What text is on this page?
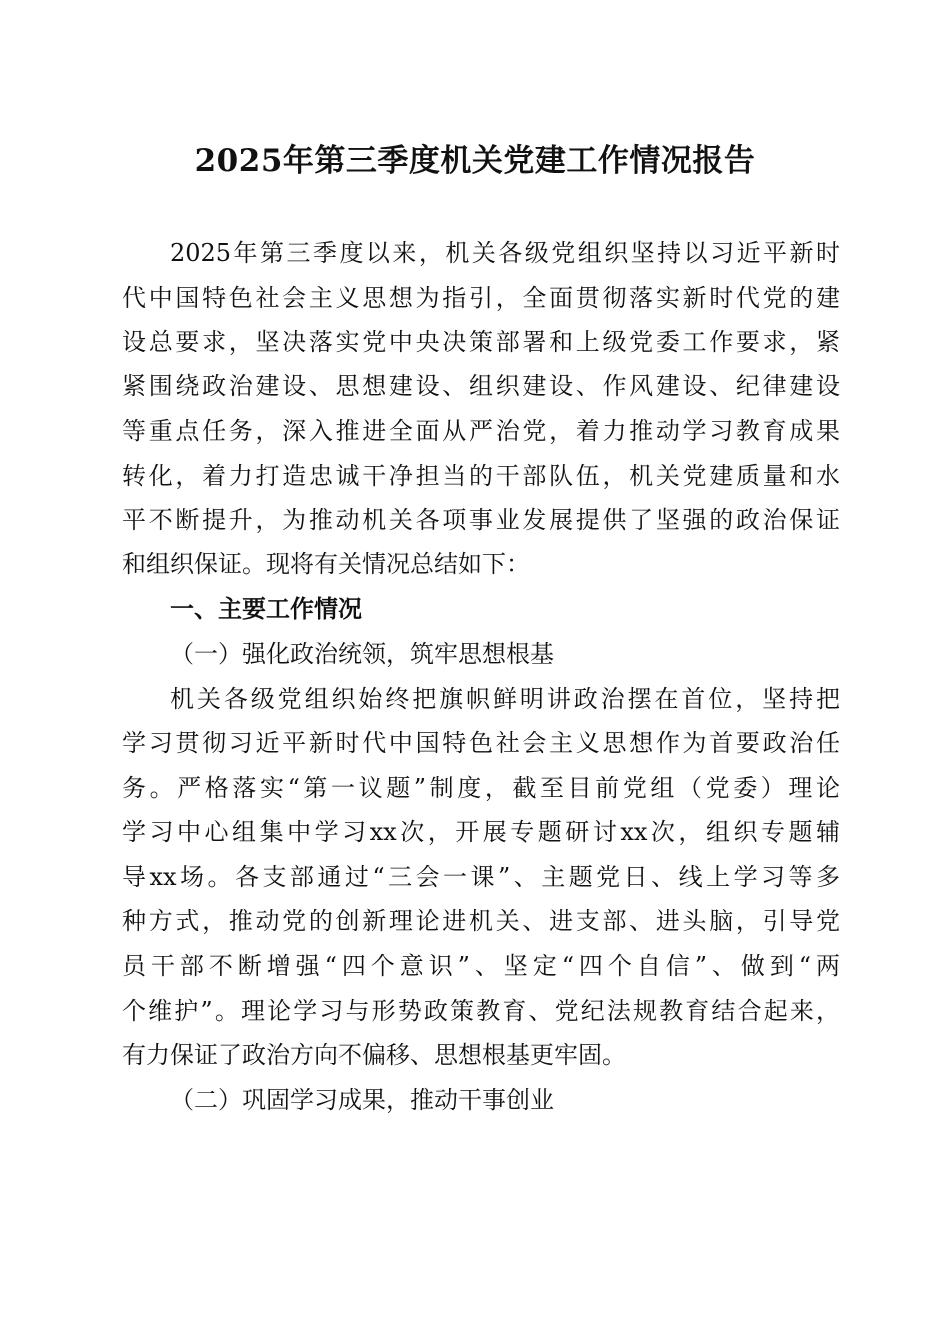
2025年第三季度机关党建工作情况报告
2025年第三季度以来，机关各级党组织坚持以习近平新时
代中国特色社会主义思想为指引，全面贯彻落实新时代党的建
设总要求，坚决落实党中央决策部署和上级党委工作要求，紧
紧围绕政治建设、思想建设、组织建设、作风建设、纪律建设
等重点任务，深入推进全面从严治党，着力推动学习教育成果
转化，着力打造忠诚干净担当的干部队伍，机关党建质量和水
平不断提升，为推动机关各项事业发展提供了坚强的政治保证
和组织保证。现将有关情况总结如下：
一、主要工作情况
（一）强化政治统领，筑牢思想根基
机关各级党组织始终把旗帜鲜明讲政治摆在首位，坚持把
学习贯彻习近平新时代中国特色社会主义思想作为首要政治任
务。严格落实“第一议题”制度，截至目前党组（党委）理论
学习中心组集中学习xx次，开展专题研讨xx次，组织专题辅
导xx场。各支部通过“三会一课”、主题党日、线上学习等多
种方式，推动党的创新理论进机关、进支部、进头脑，引导党
员干部不断增强“四个意识”、坚定“四个自信”、做到“两
个维护”。理论学习与形势政策教育、党纪法规教育结合起来，
有力保证了政治方向不偏移、思想根基更牢固。
（二）巩固学习成果，推动干事创业
